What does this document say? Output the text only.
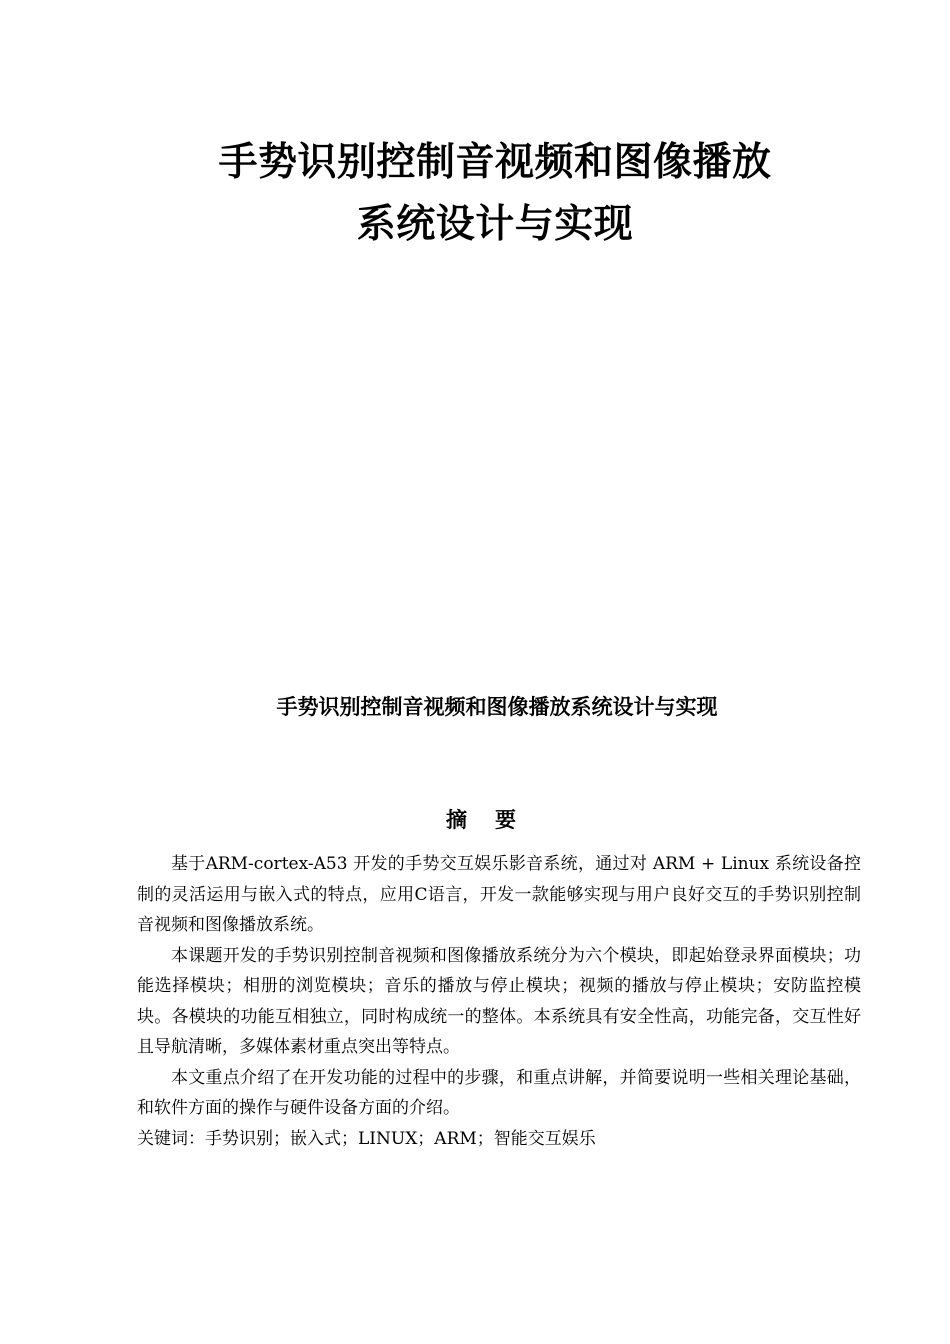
手势识别控制音视频和图像播放
系统设计与实现
手势识别控制音视频和图像播放系统设计与实现
摘要

基于ARM-cortex-A53 开发的手势交互娱乐影音系统，通过对 ARM + Linux 系统设备控制的灵活运用与嵌入式的特点，应用C语言，开发一款能够实现与用户良好交互的手势识别控制音视频和图像播放系统。

本课题开发的手势识别控制音视频和图像播放系统分为六个模块，即起始登录界面模块；功能选择模块；相册的浏览模块；音乐的播放与停止模块；视频的播放与停止模块；安防监控模块。各模块的功能互相独立，同时构成统一的整体。本系统具有安全性高，功能完备，交互性好且导航清晰，多媒体素材重点突出等特点。

本文重点介绍了在开发功能的过程中的步骤，和重点讲解，并简要说明一些相关理论基础，和软件方面的操作与硬件设备方面的介绍。

关键词：手势识别；嵌入式；LINUX；ARM；智能交互娱乐
